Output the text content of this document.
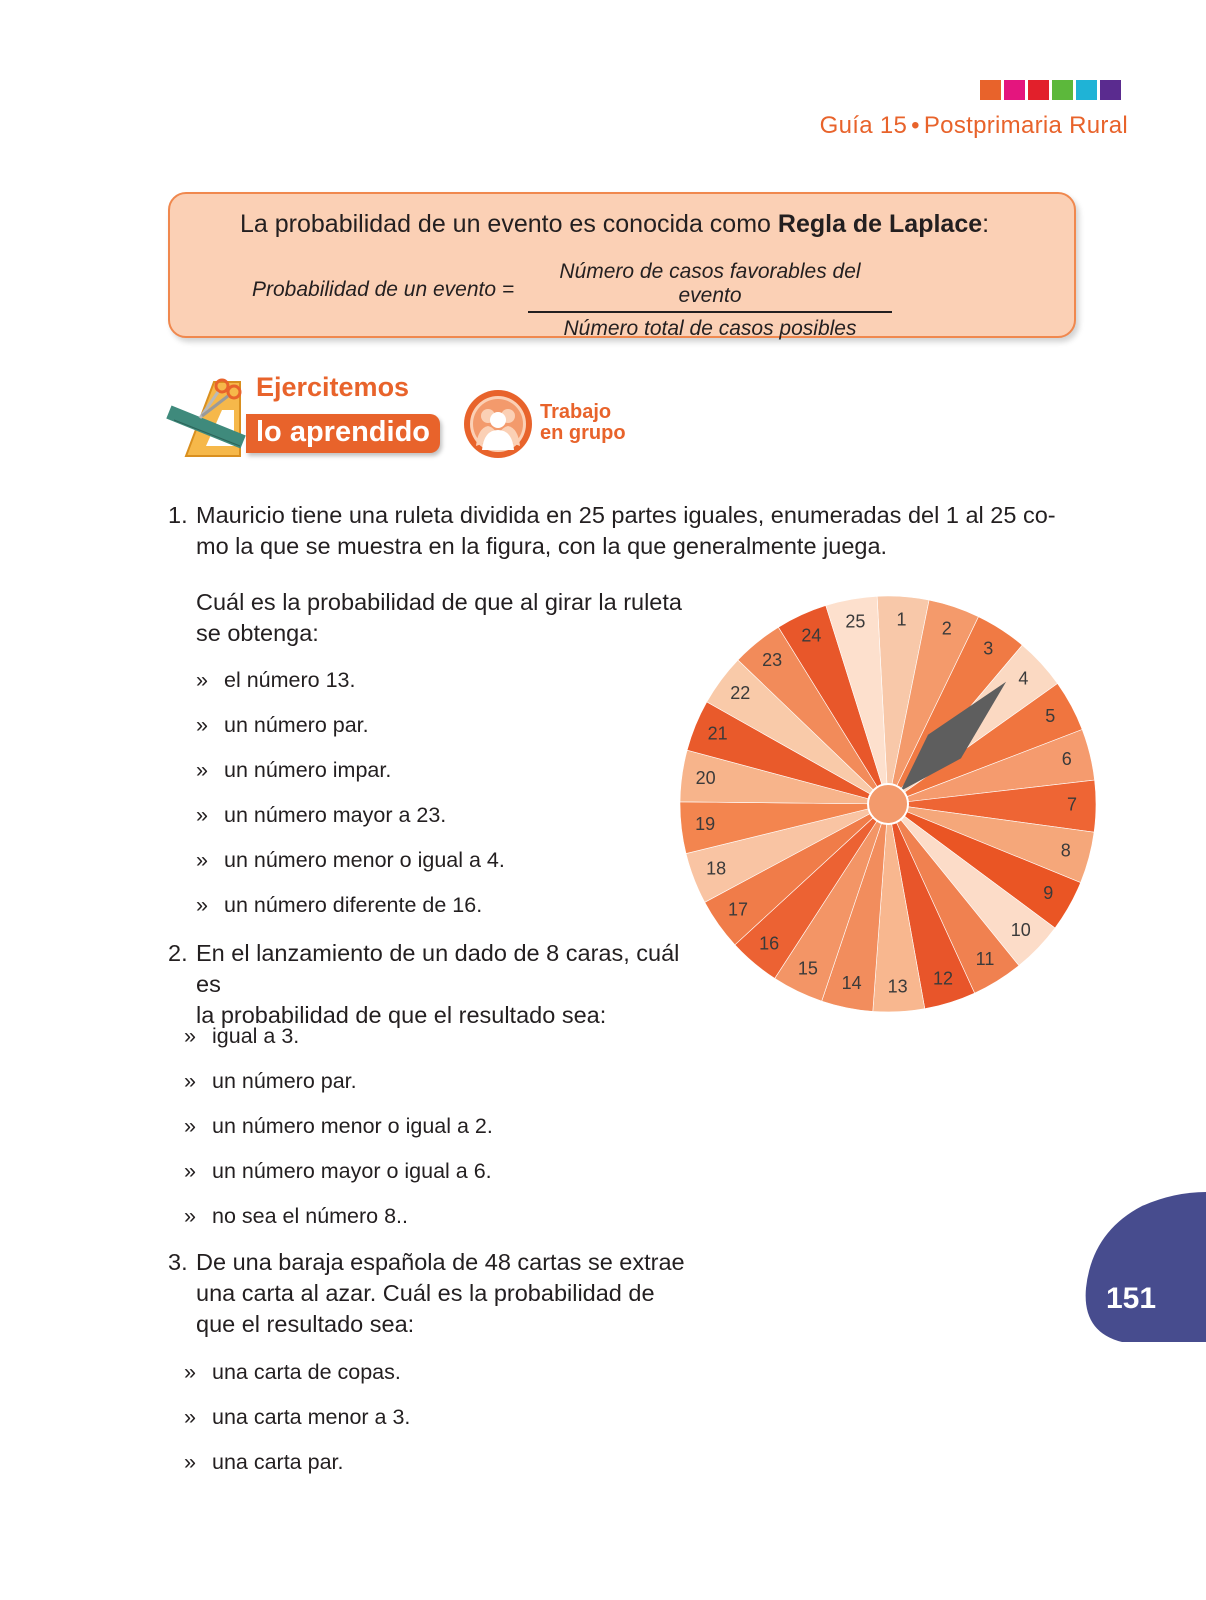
Guía 15 • Postprimaria Rural
La probabilidad de un evento es conocida como Regla de Laplace:
Probabilidad de un evento =
Número de casos favorables del evento
Número total de casos posibles
Ejercitemos
lo aprendido
Trabajo
en grupo
1. Mauricio tiene una ruleta dividida en 25 partes iguales, enumeradas del 1 al 25 co-
mo la que se muestra en la figura, con la que generalmente juega.
Cuál es la probabilidad de que al girar la ruleta
se obtenga:
» el número 13.
» un número par.
» un número impar.
» un número mayor a 23.
» un número menor o igual a 4.
» un número diferente de 16.
2. En el lanzamiento de un dado de 8 caras, cuál es
la probabilidad de que el resultado sea:
» igual a 3.
» un número par.
» un número menor o igual a 2.
» un número mayor o igual a 6.
» no sea el número 8..
3. De una baraja española de 48 cartas se extrae
una carta al azar. Cuál es la probabilidad de
que el resultado sea:
» una carta de copas.
» una carta menor a 3.
» una carta par.
1 2
3
4
5
6
7
8
9
10
11
12
13
14
15
16
17
18
19
20
21
22
23
24
25
151
